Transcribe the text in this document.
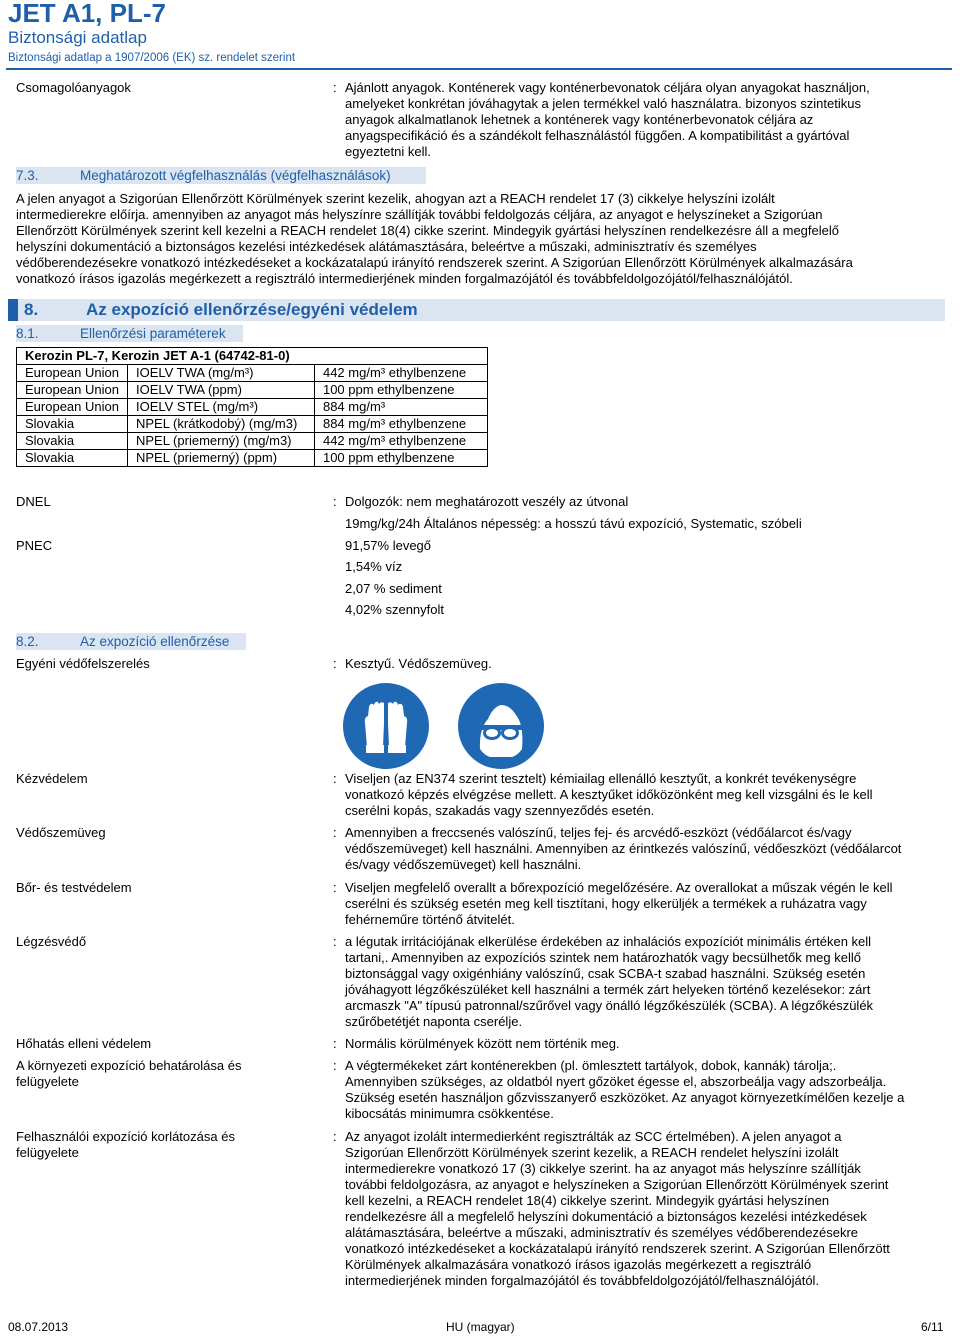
JET A1, PL-7
Biztonsági adatlap
Biztonsági adatlap a 1907/2006 (EK) sz. rendelet szerint
Csomagolóanyagok	: Ajánlott anyagok. Konténerek vagy konténerbevonatok céljára olyan anyagokat használjon,
amelyeket konkrétan jóváhagytak a jelen termékkel való használatra. bizonyos szintetikus
anyagok alkalmatlanok lehetnek a konténerek vagy konténerbevonatok céljára az
anyagspecifikáció és a szándékolt felhasználástól függően. A kompatibilitást a gyártóval
egyeztetni kell.
7.3.	Meghatározott végfelhasználás (végfelhasználások)
A jelen anyagot a Szigorúan Ellenőrzött Körülmények szerint kezelik, ahogyan azt a REACH rendelet 17 (3) cikkelye helyszíni izolált
intermedierekre előírja. amennyiben az anyagot más helyszínre szállítják további feldolgozás céljára, az anyagot e helyszíneket a Szigorúan
Ellenőrzött Körülmények szerint kell kezelni a REACH rendelet 18(4) cikke szerint. Mindegyik gyártási helyszínen rendelkezésre áll a megfelelő
helyszíni dokumentáció a biztonságos kezelési intézkedések alátámasztására, beleértve a műszaki, adminisztratív és személyes
védőberendezésekre vonatkozó intézkedéseket a kockázatalapú irányító rendszerek szerint. A Szigorúan Ellenőrzött Körülmények alkalmazására
vonatkozó írásos igazolás megérkezett a regisztráló intermedierjének minden forgalmazójától és továbbfeldolgozójától/felhasználójától.
8.	Az expozíció ellenőrzése/egyéni védelem
8.1.	Ellenőrzési paraméterek
Kerozin PL-7, Kerozin JET A-1 (64742-81-0)		
European Union	IOELV TWA (mg/m³)	442 mg/m³ ethylbenzene
European Union	IOELV TWA (ppm)	100 ppm ethylbenzene
European Union	IOELV STEL (mg/m³)	884 mg/m³
Slovakia	NPEL (krátkodobý) (mg/m3)	884 mg/m³ ethylbenzene
Slovakia	NPEL (priemerný) (mg/m3)	442 mg/m³ ethylbenzene
Slovakia	NPEL (priemerný) (ppm)	100 ppm ethylbenzene
DNEL	: Dolgozók: nem meghatározott veszély az útvonal
19mg/kg/24h Általános népesség: a hosszú távú expozíció, Systematic, szóbeli
PNEC	91,57% levegő
1,54% víz
2,07 % sediment
4,02% szennyfolt
8.2.	Az expozíció ellenőrzése
Egyéni védőfelszerelés	: Kesztyű. Védőszemüveg.
Kézvédelem	: Viseljen (az EN374 szerint tesztelt) kémiailag ellenálló kesztyűt, a konkrét tevékenységre
vonatkozó képzés elvégzése mellett. A kesztyűket időközönként meg kell vizsgálni és le kell
cserélni kopás, szakadás vagy szennyeződés esetén.
Védőszemüveg	: Amennyiben a freccsenés valószínű, teljes fej- és arcvédő-eszközt (védőálarcot és/vagy
védőszemüveget) kell használni. Amennyiben az érintkezés valószínű, védőeszközt (védőálarcot
és/vagy védőszemüveget) kell használni.
Bőr- és testvédelem	: Viseljen megfelelő overallt a bőrexpozíció megelőzésére. Az overallokat a műszak végén le kell
cserélni és szükség esetén meg kell tisztítani, hogy elkerüljék a termékek a ruházatra vagy
fehérneműre történő átvitelét.
Légzésvédő	: a légutak irritációjának elkerülése érdekében az inhalációs expozíciót minimális értéken kell
tartani,. Amennyiben az expozíciós szintek nem határozhatók vagy becsülhetők meg kellő
biztonsággal vagy oxigénhiány valószínű, csak SCBA-t szabad használni. Szükség esetén
jóváhagyott légzőkészüléket kell használni a termék zárt helyeken történő kezelésekor: zárt
arcmaszk "A" típusú patronnal/szűrővel vagy önálló légzőkészülék (SCBA). A légzőkészülék
szűrőbetétjét naponta cserélje.
Hőhatás elleni védelem	: Normális körülmények között nem történik meg.
A környezeti expozíció behatárolása és
felügyelete
: A végtermékeket zárt konténerekben (pl. ömlesztett tartályok, dobok, kannák) tárolja;.
Amennyiben szükséges, az oldatból nyert gőzöket égesse el, abszorbeálja vagy adszorbeálja.
Szükség esetén használjon gőzvisszanyerő eszközöket. Az anyagot környezetkímélően kezelje a
kibocsátás minimumra csökkentése.
Felhasználói expozíció korlátozása és
felügyelete
: Az anyagot izolált intermedierként regisztrálták az SCC értelmében). A jelen anyagot a
Szigorúan Ellenőrzött Körülmények szerint kezelik, a REACH rendelet helyszíni izolált
intermedierekre vonatkozó 17 (3) cikkelye szerint. ha az anyagot más helyszínre szállítják
további feldolgozásra, az anyagot e helyszíneken a Szigorúan Ellenőrzött Körülmények szerint
kell kezelni, a REACH rendelet 18(4) cikkelye szerint. Mindegyik gyártási helyszínen
rendelkezésre áll a megfelelő helyszíni dokumentáció a biztonságos kezelési intézkedések
alátámasztására, beleértve a műszaki, adminisztratív és személyes védőberendezésekre
vonatkozó intézkedéseket a kockázatalapú irányító rendszerek szerint. A Szigorúan Ellenőrzött
Körülmények alkalmazására vonatkozó írásos igazolás megérkezett a regisztráló
intermedierjének minden forgalmazójától és továbbfeldolgozójától/felhasználójától.
08.07.2013	HU (magyar)	6/11
